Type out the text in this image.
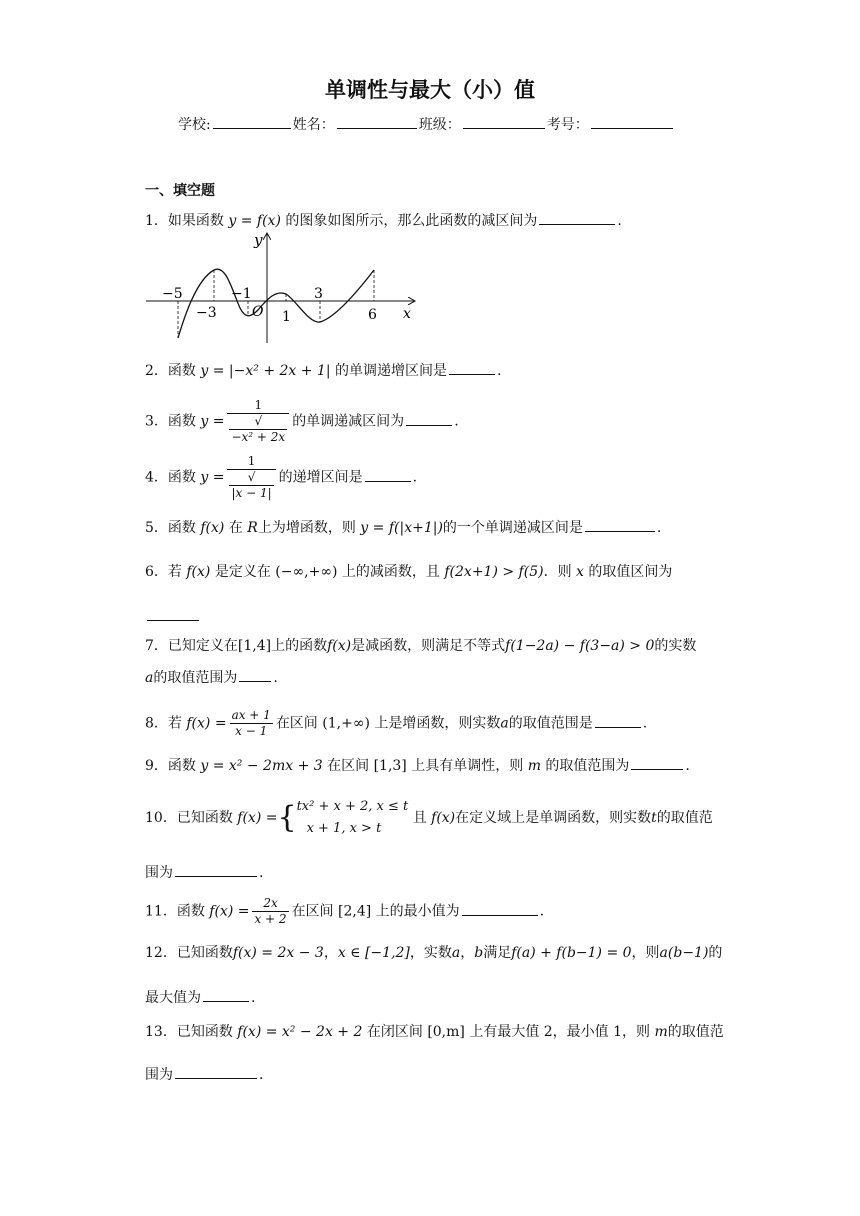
单调性与最大（小）值
学校:	姓名：	班级：	考号：
一、填空题
1．如果函数 y = f(x) 的图象如图所示，那么此函数的减区间为	.
y
x
O
−5
−3
−1
1
3
6
2．函数 y = |−x² + 2x + 1| 的单调递增区间是	.
3．函数 y = 1
√
−x² + 2x 的单调递减区间为	.
4．函数 y = 1
√
|x − 1| 的递增区间是	.
5．函数 f(x) 在 R上为增函数，则 y = f(|x+1|)的一个单调递减区间是	.
6．若 f(x) 是定义在 (−∞,+∞) 上的减函数，且 f(2x+1) > f(5)．则 x 的取值区间为
7．已知定义在[1,4]上的函数f(x)是减函数，则满足不等式f(1−2a) − f(3−a) > 0的实数
a的取值范围为	.
8．若 $f(x) = \frac{ax + 1}{x - 1}$ 在区间 (1,+∞) 上是增函数，则实数a的取值范围是	.
9．函数 y = x² − 2mx + 3 在区间 [1,3] 上具有单调性，则 m 的取值范围为	.
10．已知函数 f(x) ={ tx² + x + 2, x ≤ t
x + 1, x > t
且 f(x)在定义域上是单调函数，则实数t的取值范
围为	.
11．函数 $f(x) = \frac{2x}{x + 2}$ 在区间 [2,4] 上的最小值为	.
12．已知函数f(x) = 2x − 3，x ∈ [−1,2]，实数a，b满足f(a) + f(b−1) = 0，则a(b−1)的
最大值为	.
13．已知函数 f(x) = x² − 2x + 2 在闭区间 [0,m] 上有最大值 2，最小值 1，则 m的取值范
围为	.
